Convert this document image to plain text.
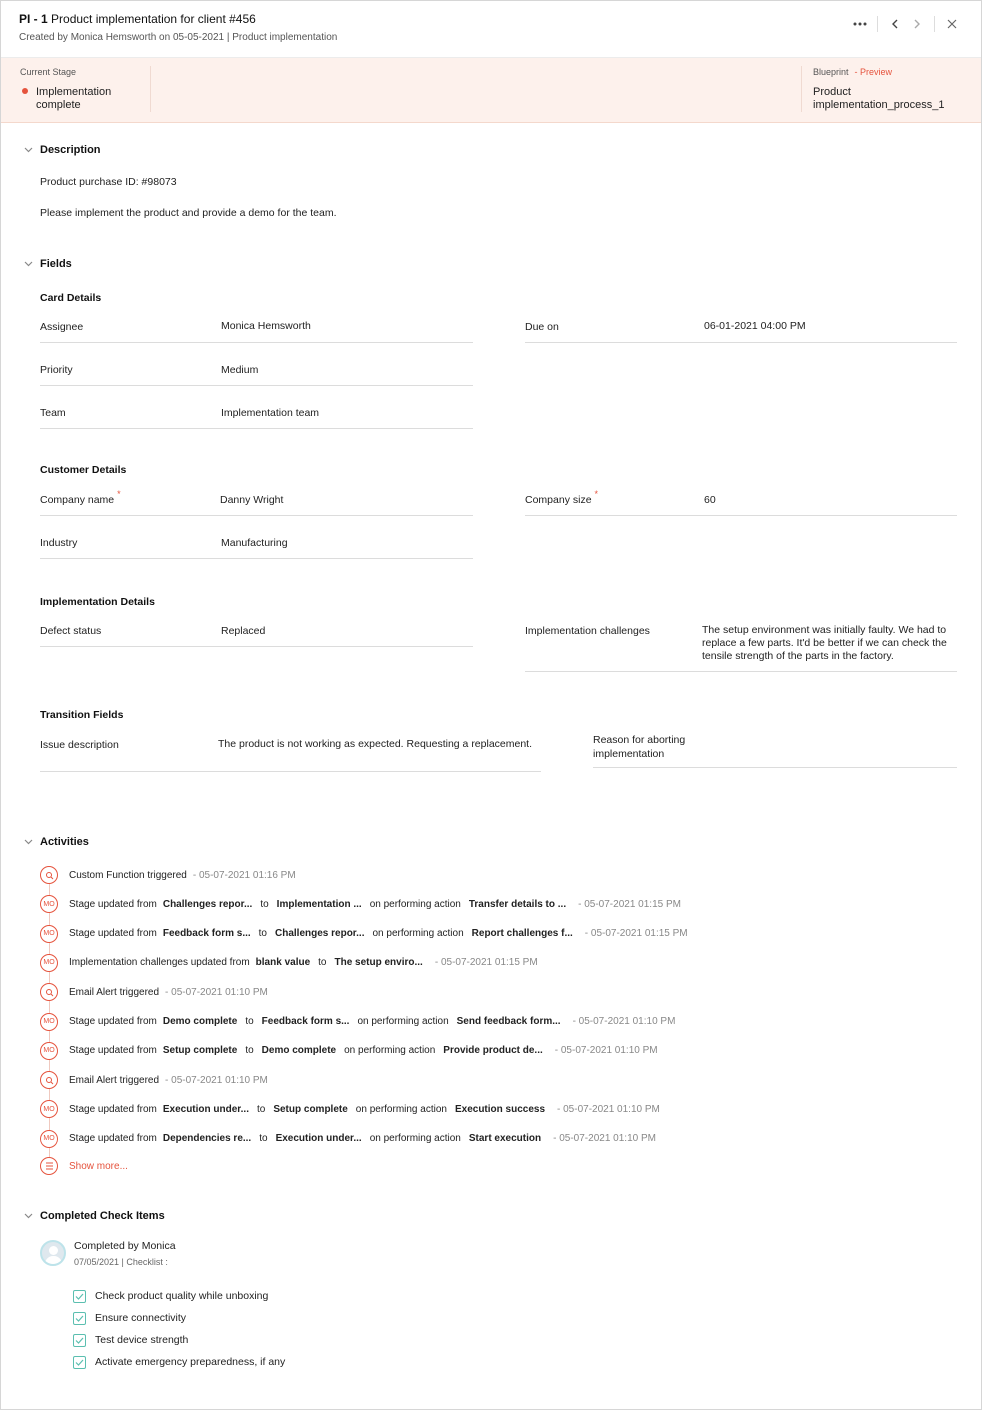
PI - 1 Product implementation for client #456
Created by Monica Hemsworth on 05-05-2021 | Product implementation
Current Stage
Implementation complete
Blueprint - Preview
Product implementation_process_1
Description
Product purchase ID: #98073
Please implement the product and provide a demo for the team.
Fields
Card Details
Assignee	Monica Hemsworth	Due on	06-01-2021 04:00 PM
Priority	Medium
Team	Implementation team
Customer Details
Company name *	Danny Wright	Company size *	60
Industry	Manufacturing
Implementation Details
Defect status	Replaced	Implementation challenges	The setup environment was initially faulty. We had to replace a few parts. It'd be better if we can check the tensile strength of the parts in the factory.
Transition Fields
Issue description	The product is not working as expected. Requesting a replacement.	Reason for aborting implementation
Activities
Custom Function triggered - 05-07-2021 01:16 PM
MO	Stage updated from Challenges repor... to Implementation ... on performing action Transfer details to ... - 05-07-2021 01:15 PM
MO	Stage updated from Feedback form s... to Challenges repor... on performing action Report challenges f... - 05-07-2021 01:15 PM
MO	Implementation challenges updated from blank value to The setup enviro... - 05-07-2021 01:15 PM
Email Alert triggered - 05-07-2021 01:10 PM
MO	Stage updated from Demo complete to Feedback form s... on performing action Send feedback form... - 05-07-2021 01:10 PM
MO	Stage updated from Setup complete to Demo complete on performing action Provide product de... - 05-07-2021 01:10 PM
Email Alert triggered - 05-07-2021 01:10 PM
MO	Stage updated from Execution under... to Setup complete on performing action Execution success - 05-07-2021 01:10 PM
MO	Stage updated from Dependencies re... to Execution under... on performing action Start execution - 05-07-2021 01:10 PM
Show more...
Completed Check Items
Completed by Monica
07/05/2021 | Checklist :
Check product quality while unboxing
Ensure connectivity
Test device strength
Activate emergency preparedness, if any
